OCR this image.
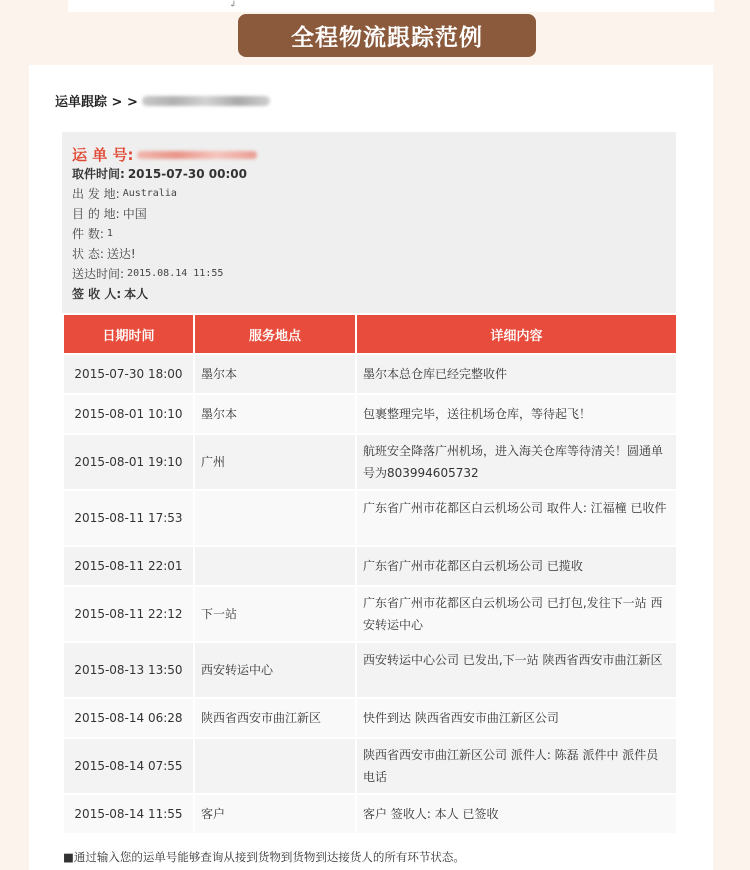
↲
全程物流跟踪范例
运单跟踪 > >
运 单 号:
取件时间: 2015-07-30 00:00
出 发 地: Australia
目 的 地: 中国
件 数: 1
状 态: 送达!
送达时间: 2015.08.14 11:55
签 收 人: 本人
日期时间	服务地点	详细内容
2015-07-30 18:00	墨尔本	墨尔本总仓库已经完整收件
2015-08-01 10:10	墨尔本	包裹整理完毕，送往机场仓库，等待起飞！
2015-08-01 19:10	广州	航班安全降落广州机场，进入海关仓库等待清关！圆通单号为803994605732
2015-08-11 17:53		广东省广州市花都区白云机场公司 取件人: 江福橦 已收件
2015-08-11 22:01		广东省广州市花都区白云机场公司 已揽收
2015-08-11 22:12	下一站	广东省广州市花都区白云机场公司 已打包,发往下一站 西安转运中心
2015-08-13 13:50	西安转运中心	西安转运中心公司 已发出,下一站 陕西省西安市曲江新区
2015-08-14 06:28	陕西省西安市曲江新区	快件到达 陕西省西安市曲江新区公司
2015-08-14 07:55		陕西省西安市曲江新区公司 派件人: 陈磊 派件中 派件员电话
2015-08-14 11:55	客户	客户 签收人: 本人 已签收
■通过输入您的运单号能够查询从接到货物到货物到达接货人的所有环节状态。
